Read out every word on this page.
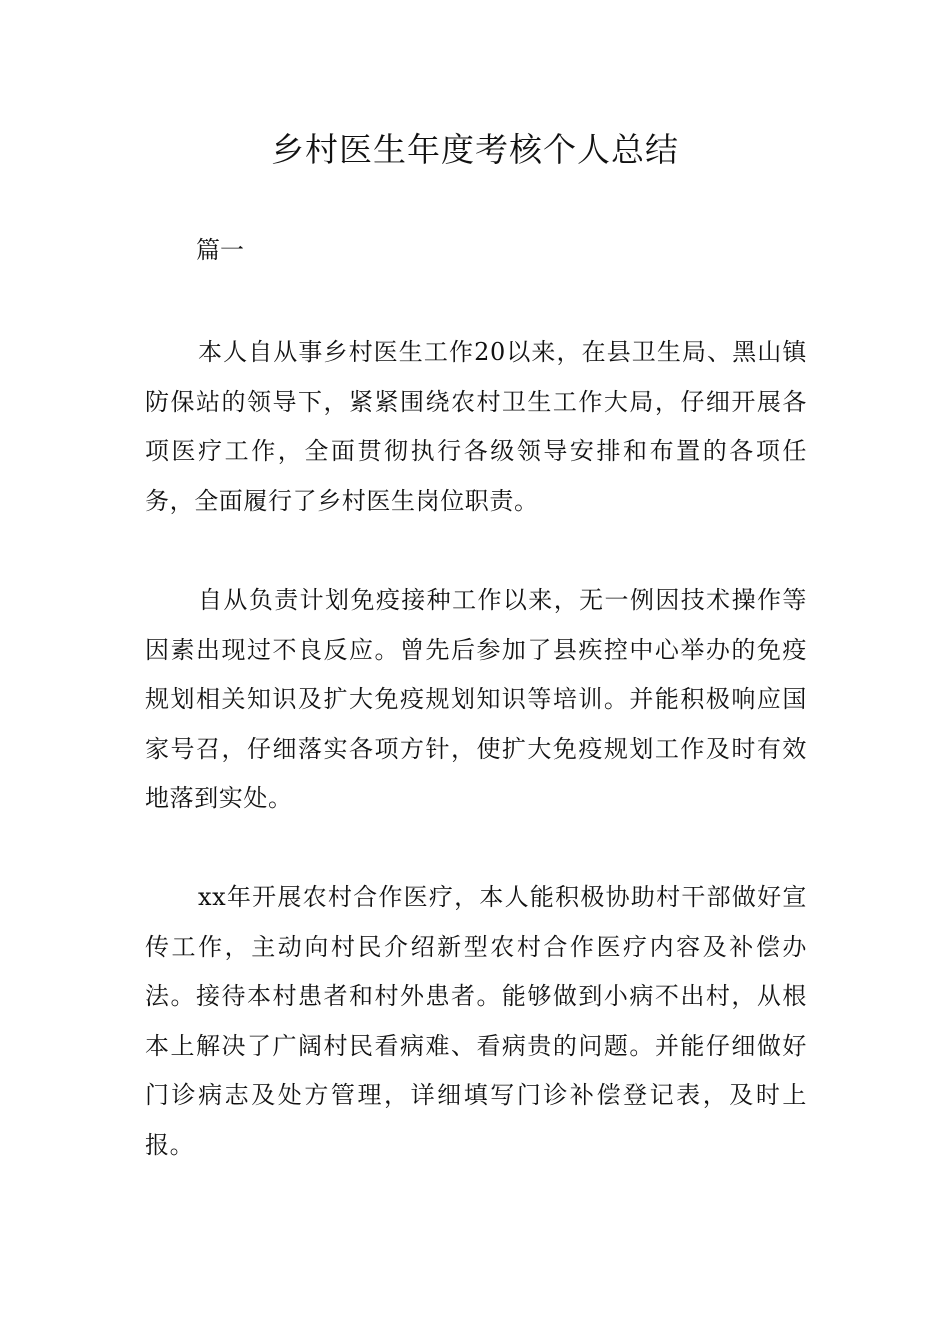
乡村医生年度考核个人总结

篇一

本人自从事乡村医生工作20以来，在县卫生局、黑山镇防保站的领导下，紧紧围绕农村卫生工作大局，仔细开展各项医疗工作，全面贯彻执行各级领导安排和布置的各项任务，全面履行了乡村医生岗位职责。

自从负责计划免疫接种工作以来，无一例因技术操作等因素出现过不良反应。曾先后参加了县疾控中心举办的免疫规划相关知识及扩大免疫规划知识等培训。并能积极响应国家号召，仔细落实各项方针，使扩大免疫规划工作及时有效地落到实处。

xx年开展农村合作医疗，本人能积极协助村干部做好宣传工作，主动向村民介绍新型农村合作医疗内容及补偿办法。接待本村患者和村外患者。能够做到小病不出村，从根本上解决了广阔村民看病难、看病贵的问题。并能仔细做好门诊病志及处方管理，详细填写门诊补偿登记表，及时上报。
